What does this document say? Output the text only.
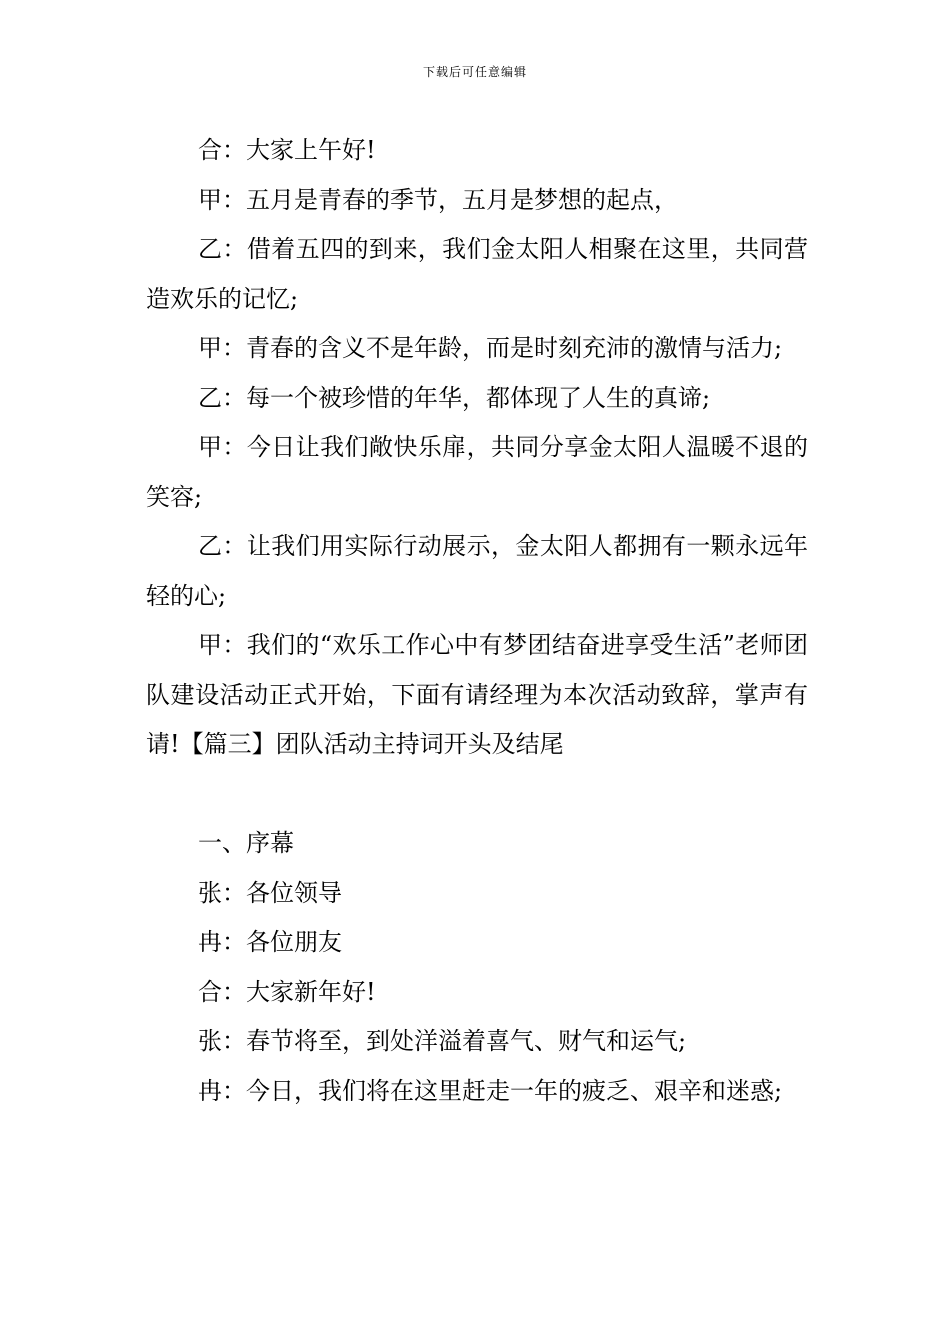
下载后可任意编辑

合：大家上午好!

甲：五月是青春的季节，五月是梦想的起点，

乙：借着五四的到来，我们金太阳人相聚在这里，共同营造欢乐的记忆;

甲：青春的含义不是年龄，而是时刻充沛的激情与活力;

乙：每一个被珍惜的年华，都体现了人生的真谛;

甲：今日让我们敞快乐扉，共同分享金太阳人温暖不退的笑容;

乙：让我们用实际行动展示，金太阳人都拥有一颗永远年轻的心;

甲：我们的“欢乐工作心中有梦团结奋进享受生活”老师团队建设活动正式开始，下面有请经理为本次活动致辞，掌声有请!【篇三】团队活动主持词开头及结尾

一、序幕

张：各位领导

冉：各位朋友

合：大家新年好!

张：春节将至，到处洋溢着喜气、财气和运气;

冉：今日，我们将在这里赶走一年的疲乏、艰辛和迷惑;
